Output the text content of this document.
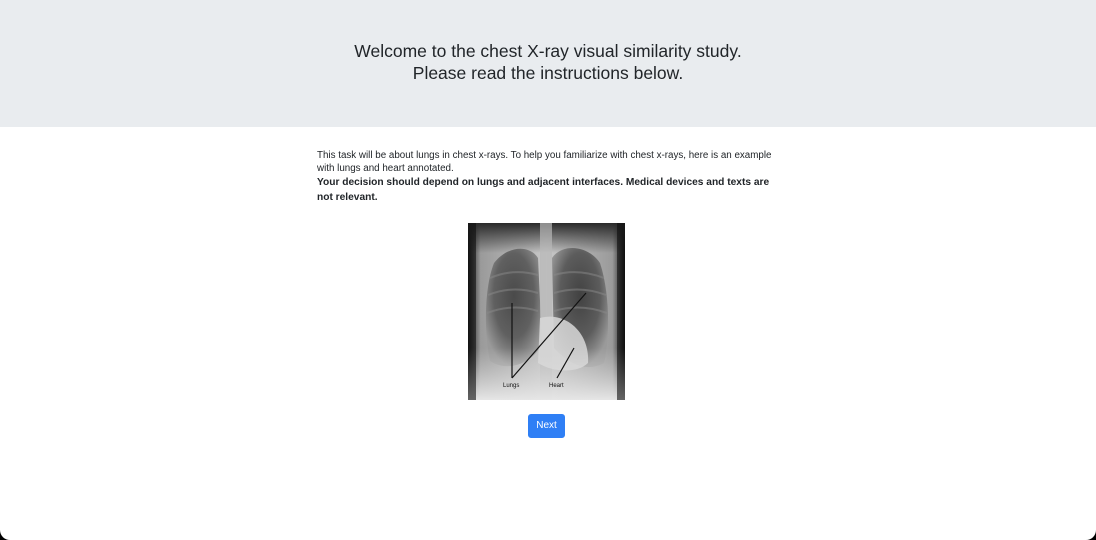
Welcome to the chest X-ray visual similarity study.
Please read the instructions below.

This task will be about lungs in chest x-rays. To help you familiarize with chest x-rays, here is an example with lungs and heart annotated.

Your decision should depend on lungs and adjacent interfaces. Medical devices and texts are not relevant.

Lungs	Heart
Next
